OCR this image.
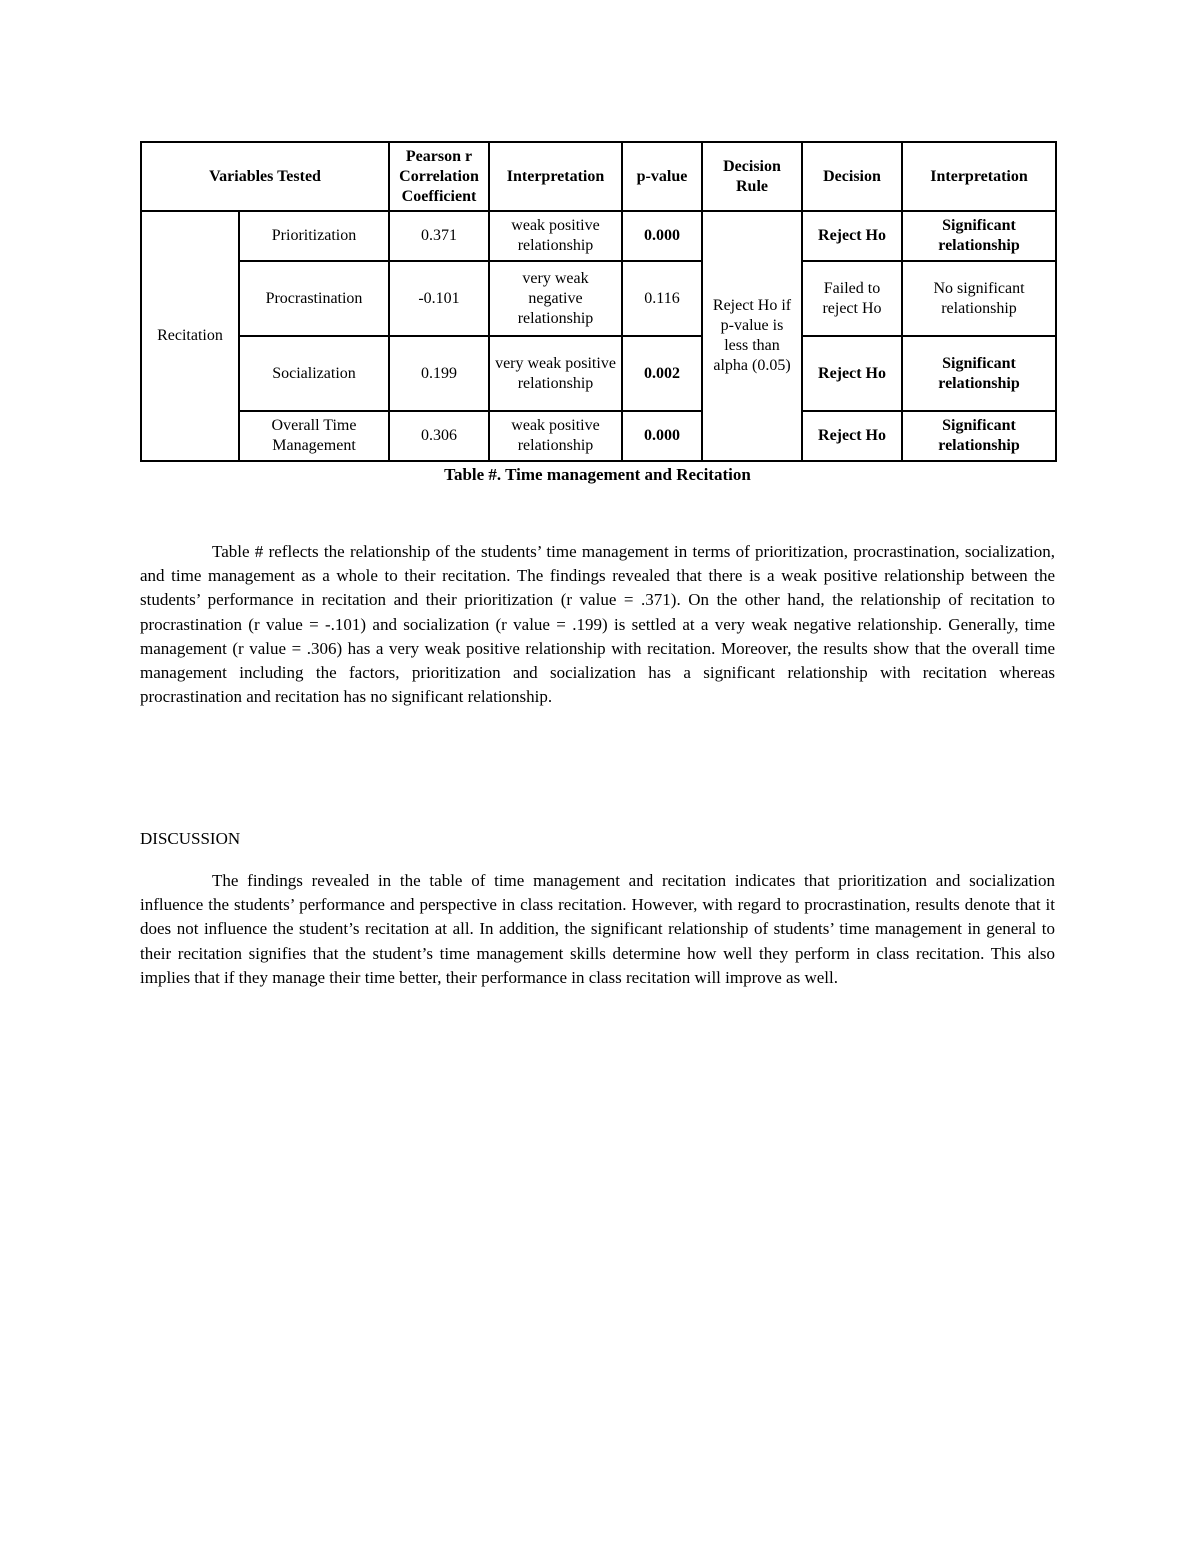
Variables Tested		Pearson r Correlation Coefficient	Interpretation	p-value	Decision Rule	Decision	Interpretation
Recitation	Prioritization	0.371	weak positive relationship	0.000	Reject Ho if p-value is less than alpha (0.05)	Reject Ho	Significant relationship
	Procrastination	-0.101	very weak negative relationship	0.116		Failed to reject Ho	No significant relationship
	Socialization	0.199	very weak positive relationship	0.002		Reject Ho	Significant relationship
	Overall Time Management	0.306	weak positive relationship	0.000		Reject Ho	Significant relationship
Table #. Time management and Recitation

Table # reflects the relationship of the students’ time management in terms of prioritization, procrastination, socialization, and time management as a whole to their recitation. The findings revealed that there is a weak positive relationship between the students’ performance in recitation and their prioritization (r value = .371). On the other hand, the relationship of recitation to procrastination (r value = -.101) and socialization (r value = .199) is settled at a very weak negative relationship. Generally, time management (r value = .306) has a very weak positive relationship with recitation. Moreover, the results show that the overall time management including the factors, prioritization and socialization has a significant relationship with recitation whereas procrastination and recitation has no significant relationship.

DISCUSSION

The findings revealed in the table of time management and recitation indicates that prioritization and socialization influence the students’ performance and perspective in class recitation. However, with regard to procrastination, results denote that it does not influence the student’s recitation at all. In addition, the significant relationship of students’ time management in general to their recitation signifies that the student’s time management skills determine how well they perform in class recitation. This also implies that if they manage their time better, their performance in class recitation will improve as well.
